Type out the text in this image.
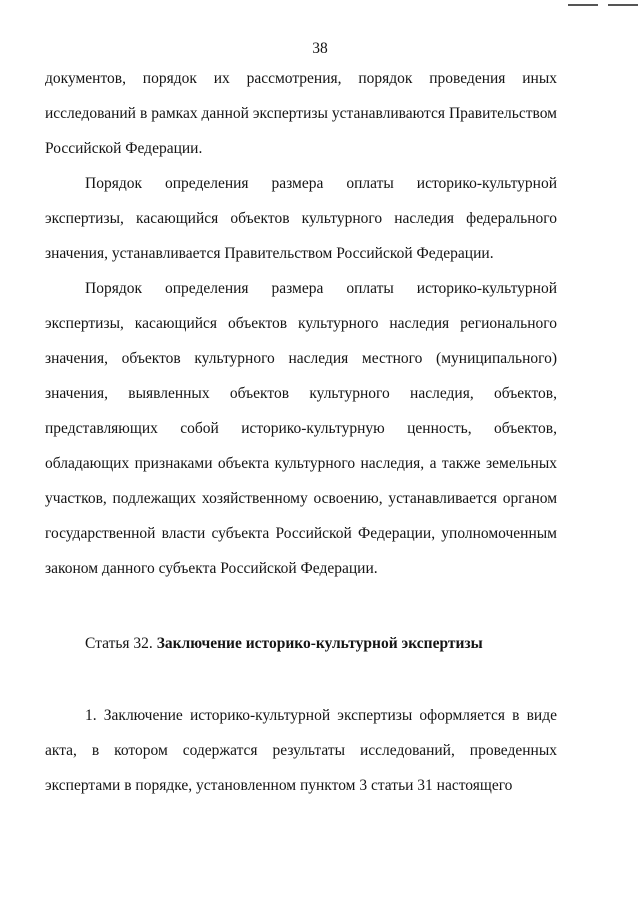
38

документов, порядок их рассмотрения, порядок проведения иных исследований в рамках данной экспертизы устанавливаются Правительством Российской Федерации.

Порядок определения размера оплаты историко-культурной экспертизы, касающийся объектов культурного наследия федерального значения, устанавливается Правительством Российской Федерации.

Порядок определения размера оплаты историко-культурной экспертизы, касающийся объектов культурного наследия регионального значения, объектов культурного наследия местного (муниципального) значения, выявленных объектов культурного наследия, объектов, представляющих собой историко-культурную ценность, объектов, обладающих признаками объекта культурного наследия, а также земельных участков, подлежащих хозяйственному освоению, устанавливается органом государственной власти субъекта Российской Федерации, уполномоченным законом данного субъекта Российской Федерации.

Статья 32. Заключение историко-культурной экспертизы

1. Заключение историко-культурной экспертизы оформляется в виде акта, в котором содержатся результаты исследований, проведенных экспертами в порядке, установленном пунктом 3 статьи 31 настоящего
